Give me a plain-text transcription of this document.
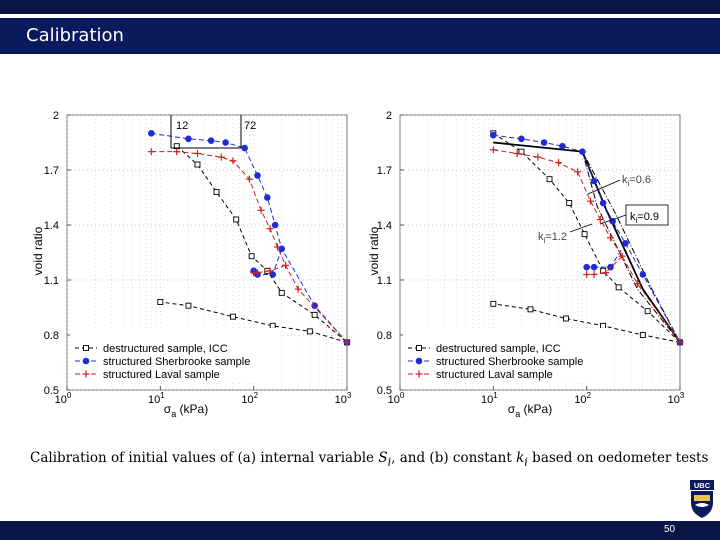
Calibration
$10^0$	$10^1$	$10^2$	$10^3$
2
1.7
1.4
1.1
0.8
0.5
void ratio
$\sigma_a$ (kPa)
12	72
destructured sample, ICC
structured Sherbrooke sample
structured Laval sample
$10^0$	$10^1$	$10^2$	$10^3$
2
1.7
1.4
1.1
0.8
0.5
void ratio
$\sigma_a$ (kPa)
$k_i=0.6$
$k_i=0.9$
$k_i=1.2$
destructured sample, ICC
structured Sherbrooke sample
structured Laval sample
Calibration of initial values of (a) internal variable $S_i$, and (b) constant $k_i$ based on oedometer tests
UBC
50
